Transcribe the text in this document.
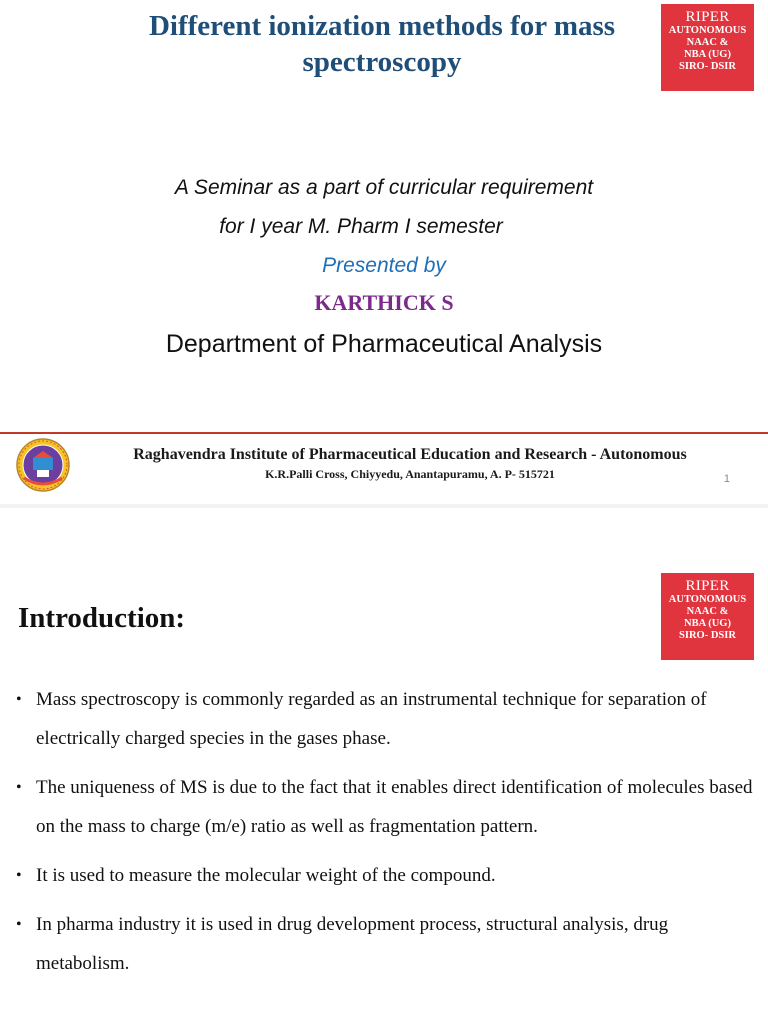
Different ionization methods for mass spectroscopy
RIPER
AUTONOMOUS
NAAC &
NBA (UG)
SIRO- DSIR
A Seminar as a part of curricular requirement
for I year M. Pharm I semester
Presented by
KARTHICK S
Department of Pharmaceutical Analysis
Raghavendra Institute of Pharmaceutical Education and Research - Autonomous
K.R.Palli Cross, Chiyyedu, Anantapuramu, A. P- 515721	1
RIPER
AUTONOMOUS
NAAC &
NBA (UG)
SIRO- DSIR
Introduction:
• Mass spectroscopy is commonly regarded as an instrumental technique for separation of electrically charged species in the gases phase.
• The uniqueness of MS is due to the fact that it enables direct identification of molecules based on the mass to charge (m/e) ratio as well as fragmentation pattern.
• It is used to measure the molecular weight of the compound.
• In pharma industry it is used in drug development process, structural analysis, drug metabolism.
